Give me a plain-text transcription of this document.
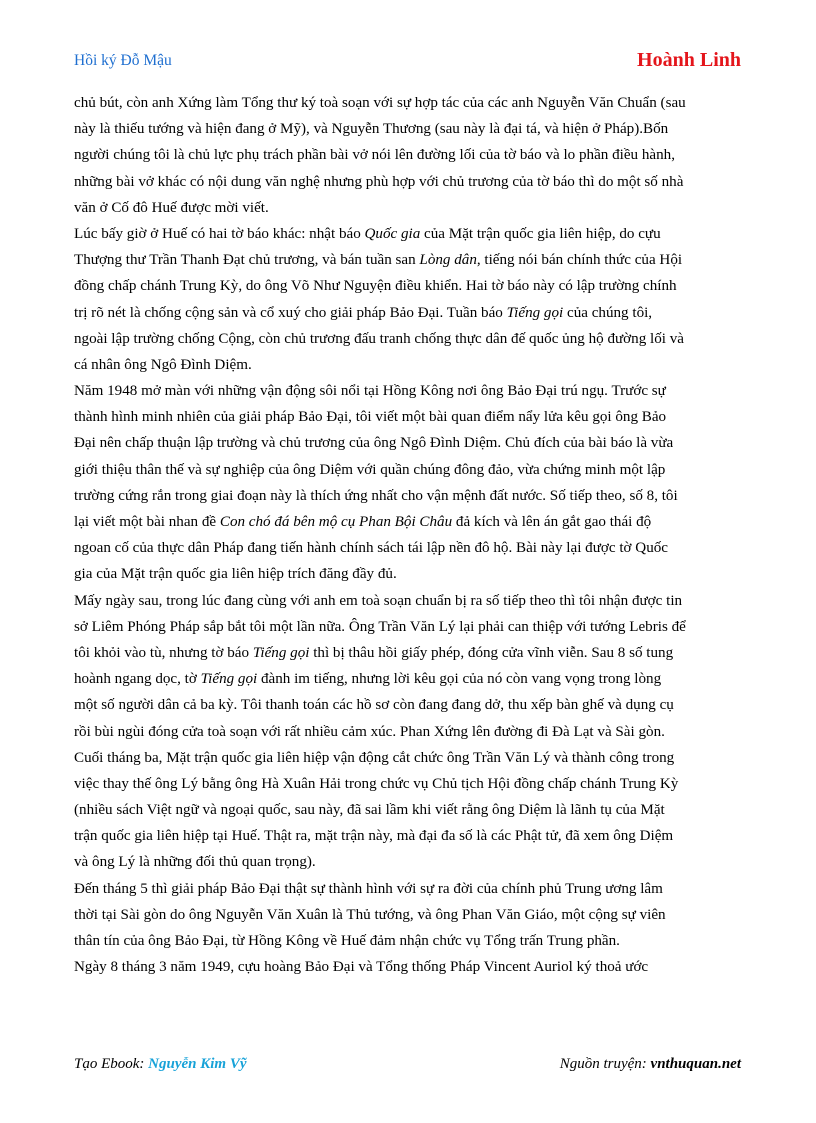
Hồi ký Đỗ Mậu	Hoành Linh
chủ bút, còn anh Xứng làm Tổng thư ký toà soạn với sự hợp tác của các anh Nguyễn Văn Chuẩn (sau
này là thiếu tướng và hiện đang ở Mỹ), và Nguyễn Thương (sau này là đại tá, và hiện ở Pháp).Bốn
người chúng tôi là chủ lực phụ trách phần bài vở nói lên đường lối của tờ báo và lo phần điều hành,
những bài vở khác có nội dung văn nghệ nhưng phù hợp với chủ trương của tờ báo thì do một số nhà
văn ở Cố đô Huế được mời viết.
Lúc bấy giờ ở Huế có hai tờ báo khác: nhật báo Quốc gia của Mặt trận quốc gia liên hiệp, do cựu
Thượng thư Trần Thanh Đạt chủ trương, và bán tuần san Lòng dân, tiếng nói bán chính thức của Hội
đồng chấp chánh Trung Kỳ, do ông Võ Như Nguyện điều khiển. Hai tờ báo này có lập trường chính
trị rõ nét là chống cộng sản và cổ xuý cho giải pháp Bảo Đại. Tuần báo Tiếng gọi của chúng tôi,
ngoài lập trường chống Cộng, còn chủ trương đấu tranh chống thực dân đế quốc ủng hộ đường lối và
cá nhân ông Ngô Đình Diệm.
Năm 1948 mở màn với những vận động sôi nổi tại Hồng Kông nơi ông Bảo Đại trú ngụ. Trước sự
thành hình minh nhiên của giải pháp Bảo Đại, tôi viết một bài quan điểm nẩy lửa kêu gọi ông Bảo
Đại nên chấp thuận lập trường và chủ trương của ông Ngô Đình Diệm. Chủ đích của bài báo là vừa
giới thiệu thân thế và sự nghiệp của ông Diệm với quần chúng đông đảo, vừa chứng minh một lập
trường cứng rắn trong giai đoạn này là thích ứng nhất cho vận mệnh đất nước. Số tiếp theo, số 8, tôi
lại viết một bài nhan đề Con chó đá bên mộ cụ Phan Bội Châu đả kích và lên án gắt gao thái độ
ngoan cố của thực dân Pháp đang tiến hành chính sách tái lập nền đô hộ. Bài này lại được tờ Quốc
gia của Mặt trận quốc gia liên hiệp trích đăng đầy đủ.
Mấy ngày sau, trong lúc đang cùng với anh em toà soạn chuẩn bị ra số tiếp theo thì tôi nhận được tin
sở Liêm Phóng Pháp sắp bắt tôi một lần nữa. Ông Trần Văn Lý lại phải can thiệp với tướng Lebris để
tôi khỏi vào tù, nhưng tờ báo Tiếng gọi thì bị thâu hồi giấy phép, đóng cửa vĩnh viễn. Sau 8 số tung
hoành ngang dọc, tờ Tiếng gọi đành im tiếng, nhưng lời kêu gọi của nó còn vang vọng trong lòng
một số người dân cả ba kỳ. Tôi thanh toán các hồ sơ còn đang đang dở, thu xếp bàn ghế và dụng cụ
rồi bùi ngùi đóng cửa toà soạn với rất nhiều cảm xúc. Phan Xứng lên đường đi Đà Lạt và Sài gòn.
Cuối tháng ba, Mặt trận quốc gia liên hiệp vận động cắt chức ông Trần Văn Lý và thành công trong
việc thay thế ông Lý bằng ông Hà Xuân Hải trong chức vụ Chủ tịch Hội đồng chấp chánh Trung Kỳ
(nhiều sách Việt ngữ và ngoại quốc, sau này, đã sai lầm khi viết rằng ông Diệm là lãnh tụ của Mặt
trận quốc gia liên hiệp tại Huế. Thật ra, mặt trận này, mà đại đa số là các Phật tử, đã xem ông Diệm
và ông Lý là những đối thủ quan trọng).
Đến tháng 5 thì giải pháp Bảo Đại thật sự thành hình với sự ra đời của chính phủ Trung ương lâm
thời tại Sài gòn do ông Nguyễn Văn Xuân là Thủ tướng, và ông Phan Văn Giáo, một cộng sự viên
thân tín của ông Bảo Đại, từ Hồng Kông về Huế đảm nhận chức vụ Tổng trấn Trung phần.
Ngày 8 tháng 3 năm 1949, cựu hoàng Bảo Đại và Tổng thống Pháp Vincent Auriol ký thoả ước
Tạo Ebook: Nguyễn Kim Vỹ	Nguồn truyện: vnthuquan.net
